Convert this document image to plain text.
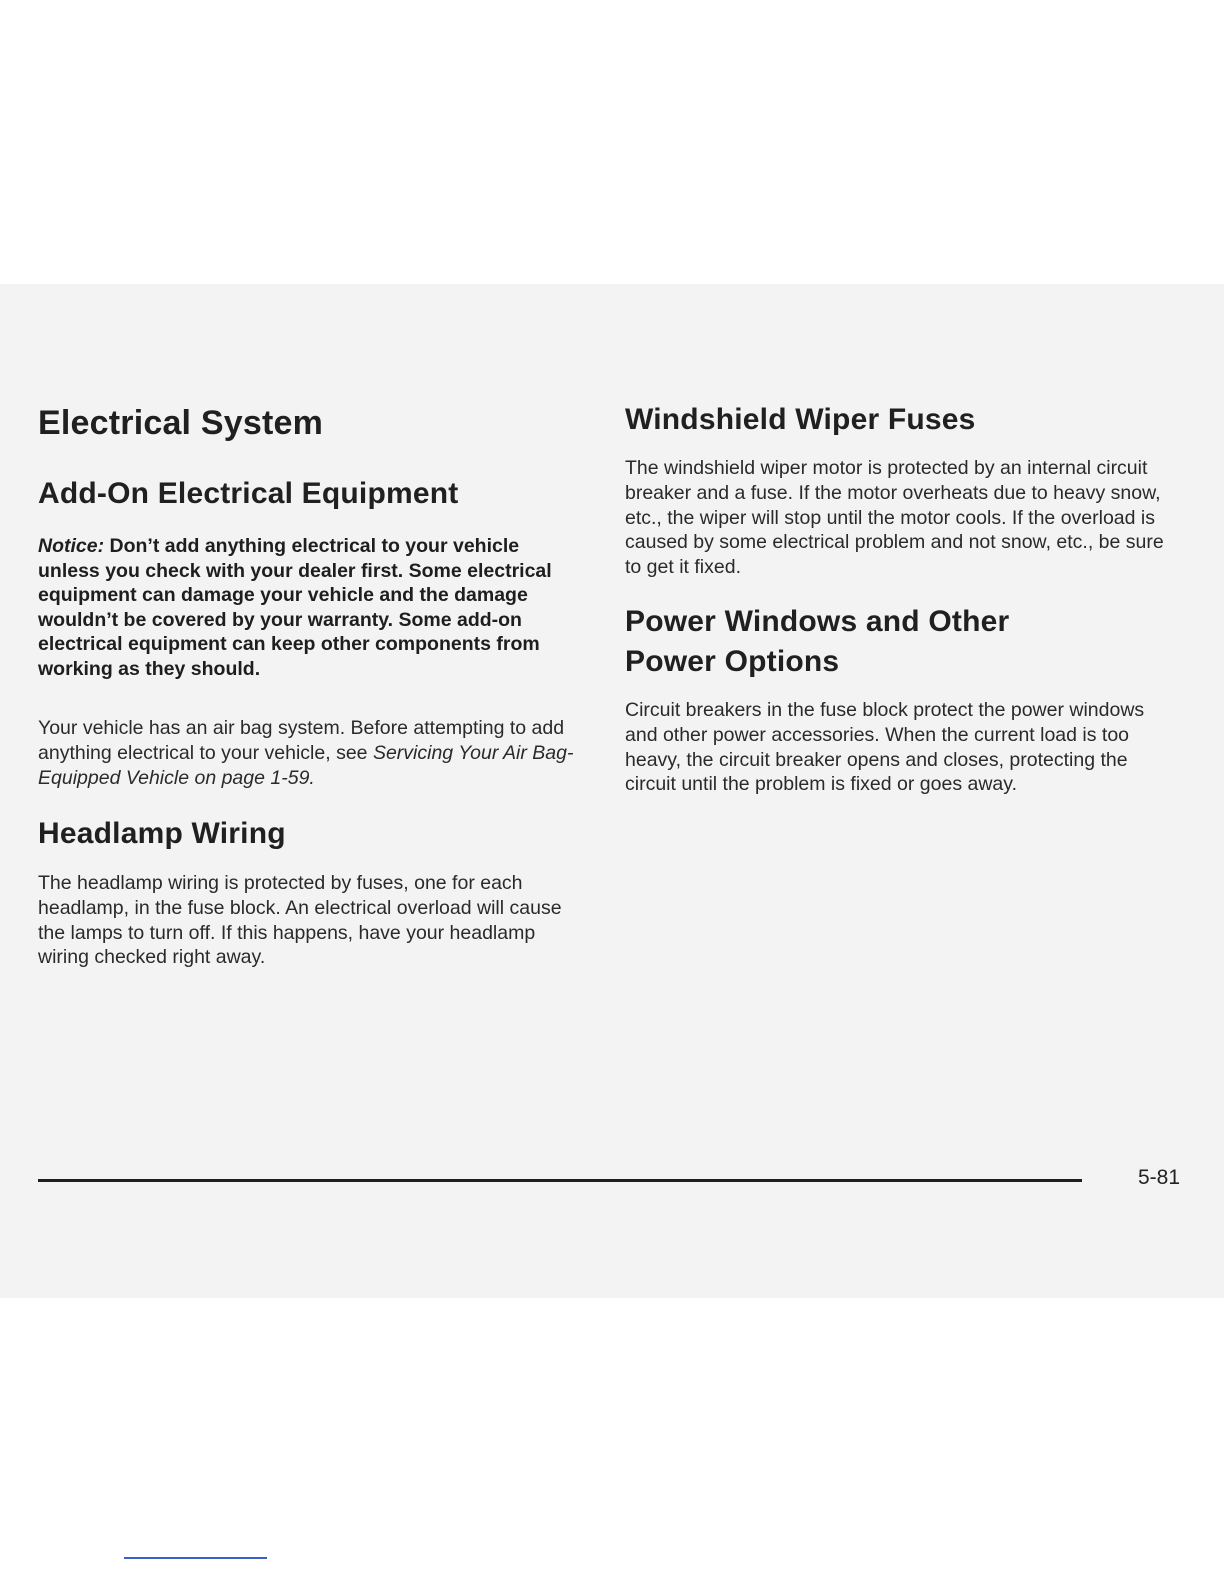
Electrical System
Add-On Electrical Equipment

Notice: Don’t add anything electrical to your vehicle unless you check with your dealer first. Some electrical equipment can damage your vehicle and the damage wouldn’t be covered by your warranty. Some add-on electrical equipment can keep other components from working as they should.

Your vehicle has an air bag system. Before attempting to add anything electrical to your vehicle, see Servicing Your Air Bag-Equipped Vehicle on page 1-59.

Headlamp Wiring

The headlamp wiring is protected by fuses, one for each headlamp, in the fuse block. An electrical overload will cause the lamps to turn off. If this happens, have your headlamp wiring checked right away.

Windshield Wiper Fuses

The windshield wiper motor is protected by an internal circuit breaker and a fuse. If the motor overheats due to heavy snow, etc., the wiper will stop until the motor cools. If the overload is caused by some electrical problem and not snow, etc., be sure to get it fixed.

Power Windows and Other Power Options

Circuit breakers in the fuse block protect the power windows and other power accessories. When the current load is too heavy, the circuit breaker opens and closes, protecting the circuit until the problem is fixed or goes away.

5-81
